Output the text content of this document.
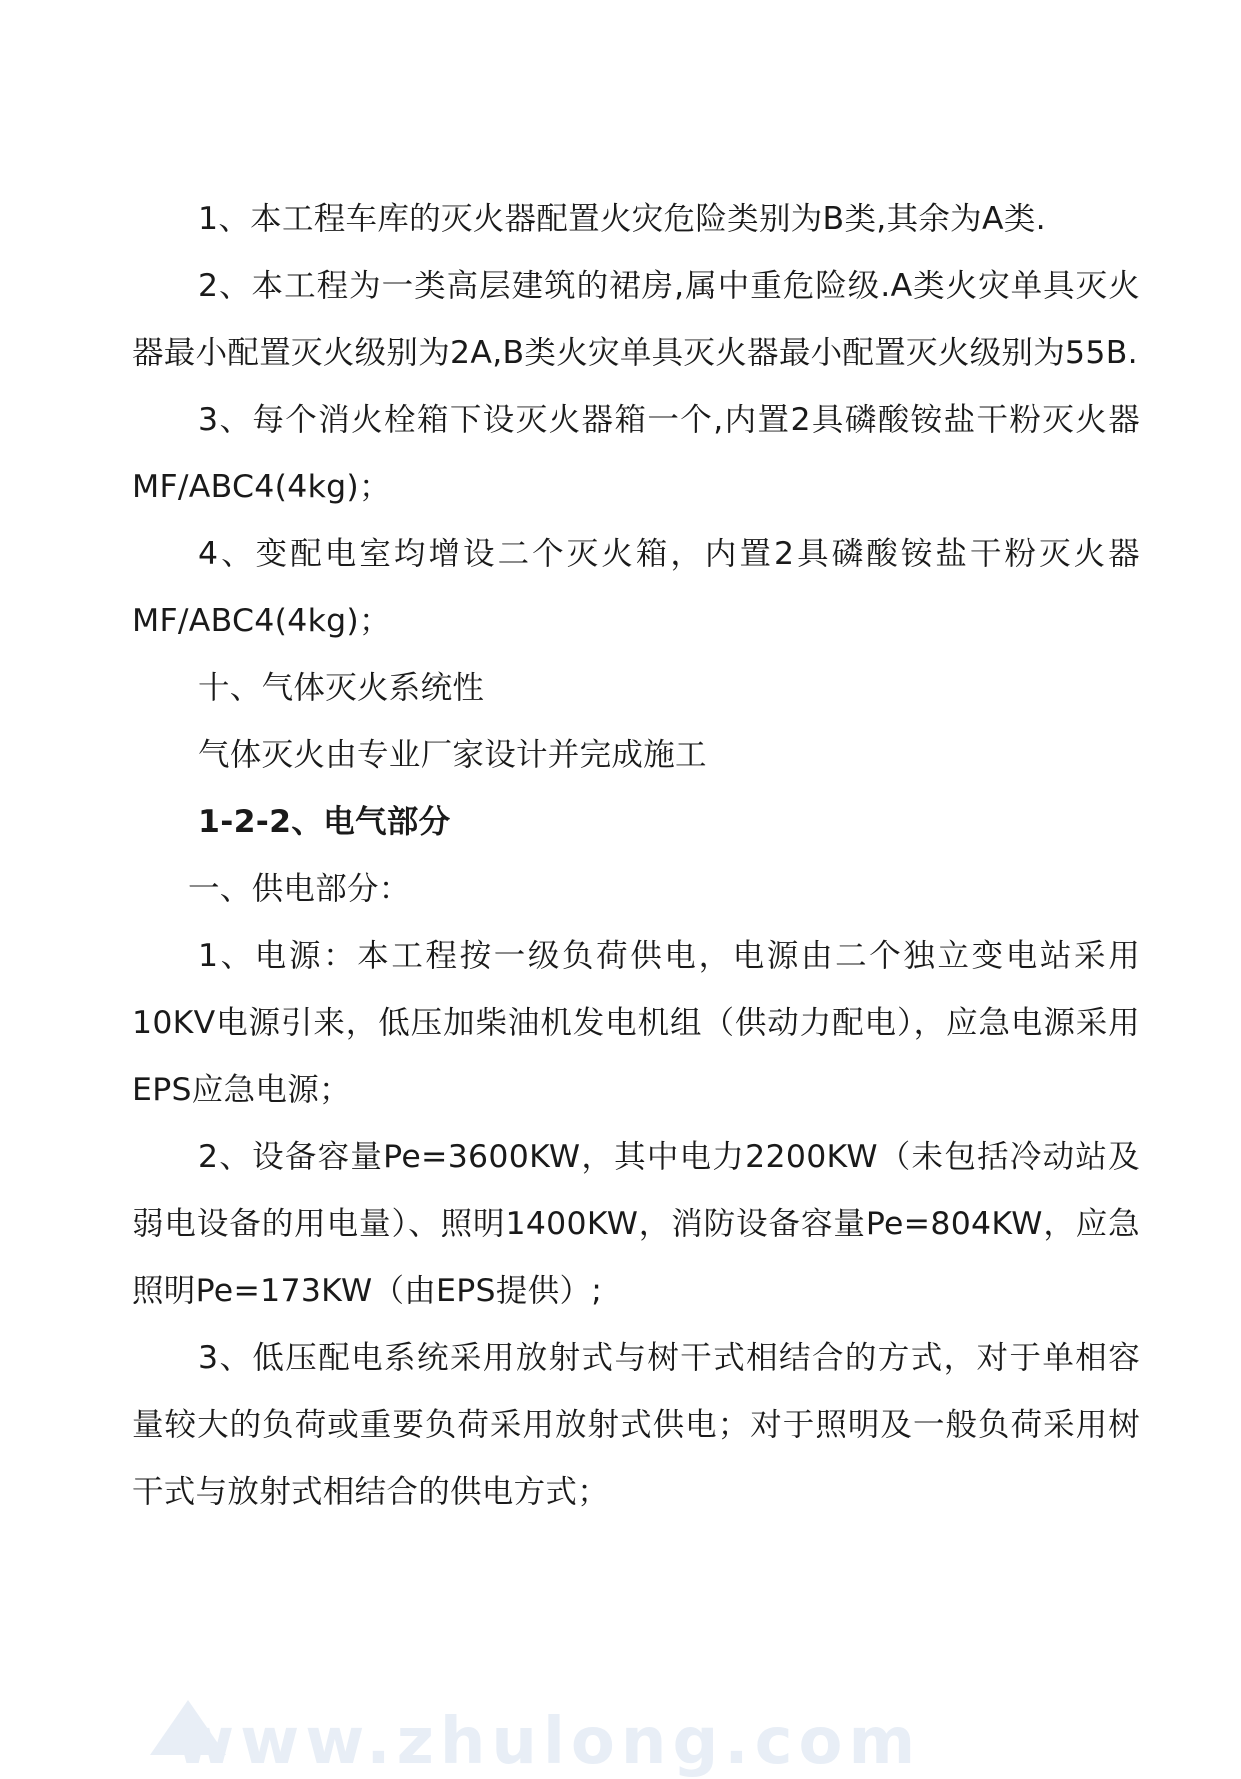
1、本工程车库的灭火器配置火灾危险类别为B类,其余为A类.

2、本工程为一类高层建筑的裙房,属中重危险级.A类火灾单具灭火器最小配置灭火级别为2A,B类火灾单具灭火器最小配置灭火级别为55B.

3、每个消火栓箱下设灭火器箱一个,内置2具磷酸铵盐干粉灭火器MF/ABC4(4kg)；

4、变配电室均增设二个灭火箱，内置2具磷酸铵盐干粉灭火器MF/ABC4(4kg)；

十、气体灭火系统性

气体灭火由专业厂家设计并完成施工

1-2-2、电气部分

一、供电部分：

1、电源：本工程按一级负荷供电，电源由二个独立变电站采用10KV电源引来，低压加柴油机发电机组（供动力配电），应急电源采用EPS应急电源；

2、设备容量Pe=3600KW，其中电力2200KW（未包括冷动站及弱电设备的用电量）、照明1400KW，消防设备容量Pe=804KW，应急照明Pe=173KW（由EPS提供）;

3、低压配电系统采用放射式与树干式相结合的方式，对于单相容量较大的负荷或重要负荷采用放射式供电；对于照明及一般负荷采用树干式与放射式相结合的供电方式；

www.zhulong.com
